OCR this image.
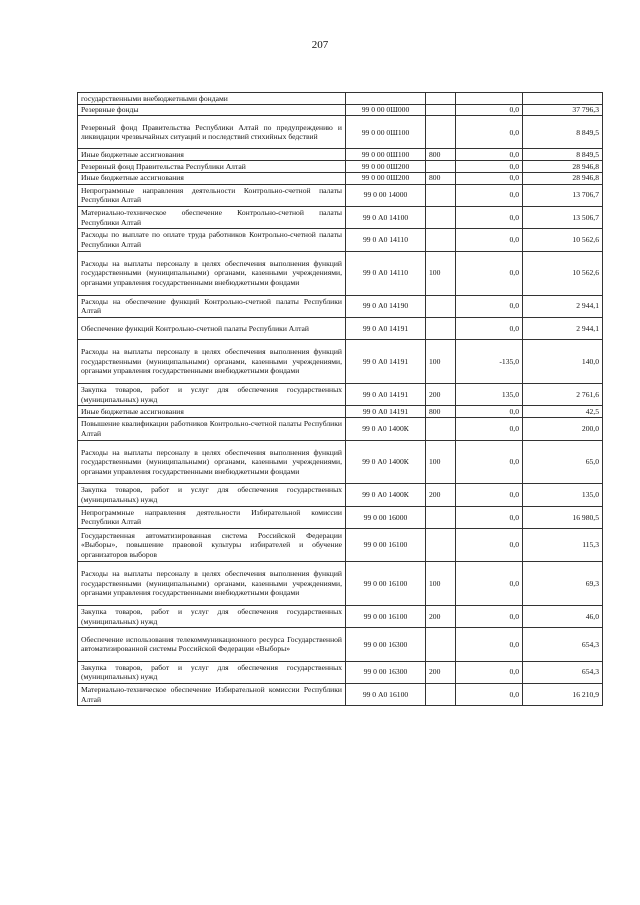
207
государственными внебюджетными фондами				
Резервные фонды	99 0 00 0Ш000		0,0	37 796,3
Резервный фонд Правительства Республики Алтай по предупреждению и ликвидации чрезвычайных ситуаций и последствий стихийных бедствий	99 0 00 0Ш100		0,0	8 849,5
Иные бюджетные ассигнования	99 0 00 0Ш100	800	0,0	8 849,5
Резервный фонд Правительства Республики Алтай	99 0 00 0Ш200		0,0	28 946,8
Иные бюджетные ассигнования	99 0 00 0Ш200	800	0,0	28 946,8
Непрограммные направления деятельности Контрольно-счетной палаты Республики Алтай	99 0 00 14000		0,0	13 706,7
Материально-техническое обеспечение Контрольно-счетной палаты Республики Алтай	99 0 А0 14100		0,0	13 506,7
Расходы по выплате по оплате труда работников Контрольно-счетной палаты Республики Алтай	99 0 А0 14110		0,0	10 562,6
Расходы на выплаты персоналу в целях обеспечения выполнения функций государственными (муниципальными) органами, казенными учреждениями, органами управления государственными внебюджетными фондами	99 0 А0 14110	100	0,0	10 562,6
Расходы на обеспечение функций Контрольно-счетной палаты Республики Алтай	99 0 А0 14190		0,0	2 944,1
Обеспечение функций Контрольно-счетной палаты Республики Алтай	99 0 А0 14191		0,0	2 944,1
Расходы на выплаты персоналу в целях обеспечения выполнения функций государственными (муниципальными) органами, казенными учреждениями, органами управления государственными внебюджетными фондами	99 0 А0 14191	100	-135,0	140,0
Закупка товаров, работ и услуг для обеспечения государственных (муниципальных) нужд	99 0 А0 14191	200	135,0	2 761,6
Иные бюджетные ассигнования	99 0 А0 14191	800	0,0	42,5
Повышение квалификации работников Контрольно-счетной палаты Республики Алтай	99 0 А0 1400К		0,0	200,0
Расходы на выплаты персоналу в целях обеспечения выполнения функций государственными (муниципальными) органами, казенными учреждениями, органами управления государственными внебюджетными фондами	99 0 А0 1400К	100	0,0	65,0
Закупка товаров, работ и услуг для обеспечения государственных (муниципальных) нужд	99 0 А0 1400К	200	0,0	135,0
Непрограммные направления деятельности Избирательной комиссии Республики Алтай	99 0 00 16000		0,0	16 980,5
Государственная автоматизированная система Российской Федерации «Выборы», повышение правовой культуры избирателей и обучение организаторов выборов	99 0 00 16100		0,0	115,3
Расходы на выплаты персоналу в целях обеспечения выполнения функций государственными (муниципальными) органами, казенными учреждениями, органами управления государственными внебюджетными фондами	99 0 00 16100	100	0,0	69,3
Закупка товаров, работ и услуг для обеспечения государственных (муниципальных) нужд	99 0 00 16100	200	0,0	46,0
Обеспечение использования телекоммуникационного ресурса Государственной автоматизированной системы Российской Федерации «Выборы»	99 0 00 16300		0,0	654,3
Закупка товаров, работ и услуг для обеспечения государственных (муниципальных) нужд	99 0 00 16300	200	0,0	654,3
Материально-техническое обеспечение Избирательной комиссии Республики Алтай	99 0 А0 16100		0,0	16 210,9
